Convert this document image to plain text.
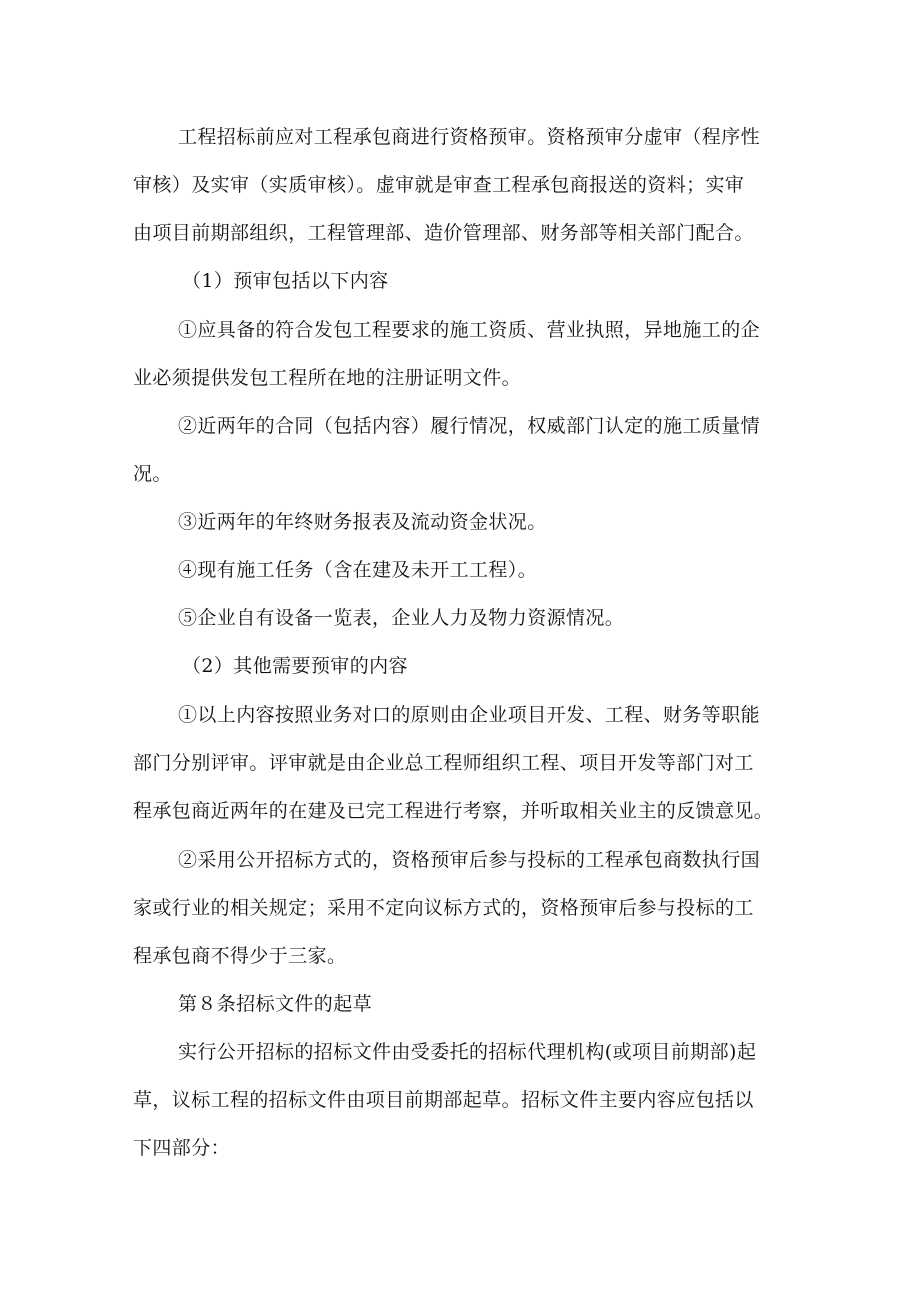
工程招标前应对工程承包商进行资格预审。资格预审分虚审（程序性
审核）及实审（实质审核）。虚审就是审查工程承包商报送的资料；实审
由项目前期部组织，工程管理部、造价管理部、财务部等相关部门配合。
（1）预审包括以下内容
①应具备的符合发包工程要求的施工资质、营业执照，异地施工的企
业必须提供发包工程所在地的注册证明文件。
②近两年的合同（包括内容）履行情况，权威部门认定的施工质量情
况。
③近两年的年终财务报表及流动资金状况。
④现有施工任务（含在建及未开工工程）。
⑤企业自有设备一览表，企业人力及物力资源情况。
（2）其他需要预审的内容
①以上内容按照业务对口的原则由企业项目开发、工程、财务等职能
部门分别评审。评审就是由企业总工程师组织工程、项目开发等部门对工
程承包商近两年的在建及已完工程进行考察，并听取相关业主的反馈意见。
②采用公开招标方式的，资格预审后参与投标的工程承包商数执行国
家或行业的相关规定；采用不定向议标方式的，资格预审后参与投标的工
程承包商不得少于三家。
第８条招标文件的起草
实行公开招标的招标文件由受委托的招标代理机构(或项目前期部)起
草，议标工程的招标文件由项目前期部起草。招标文件主要内容应包括以
下四部分：
